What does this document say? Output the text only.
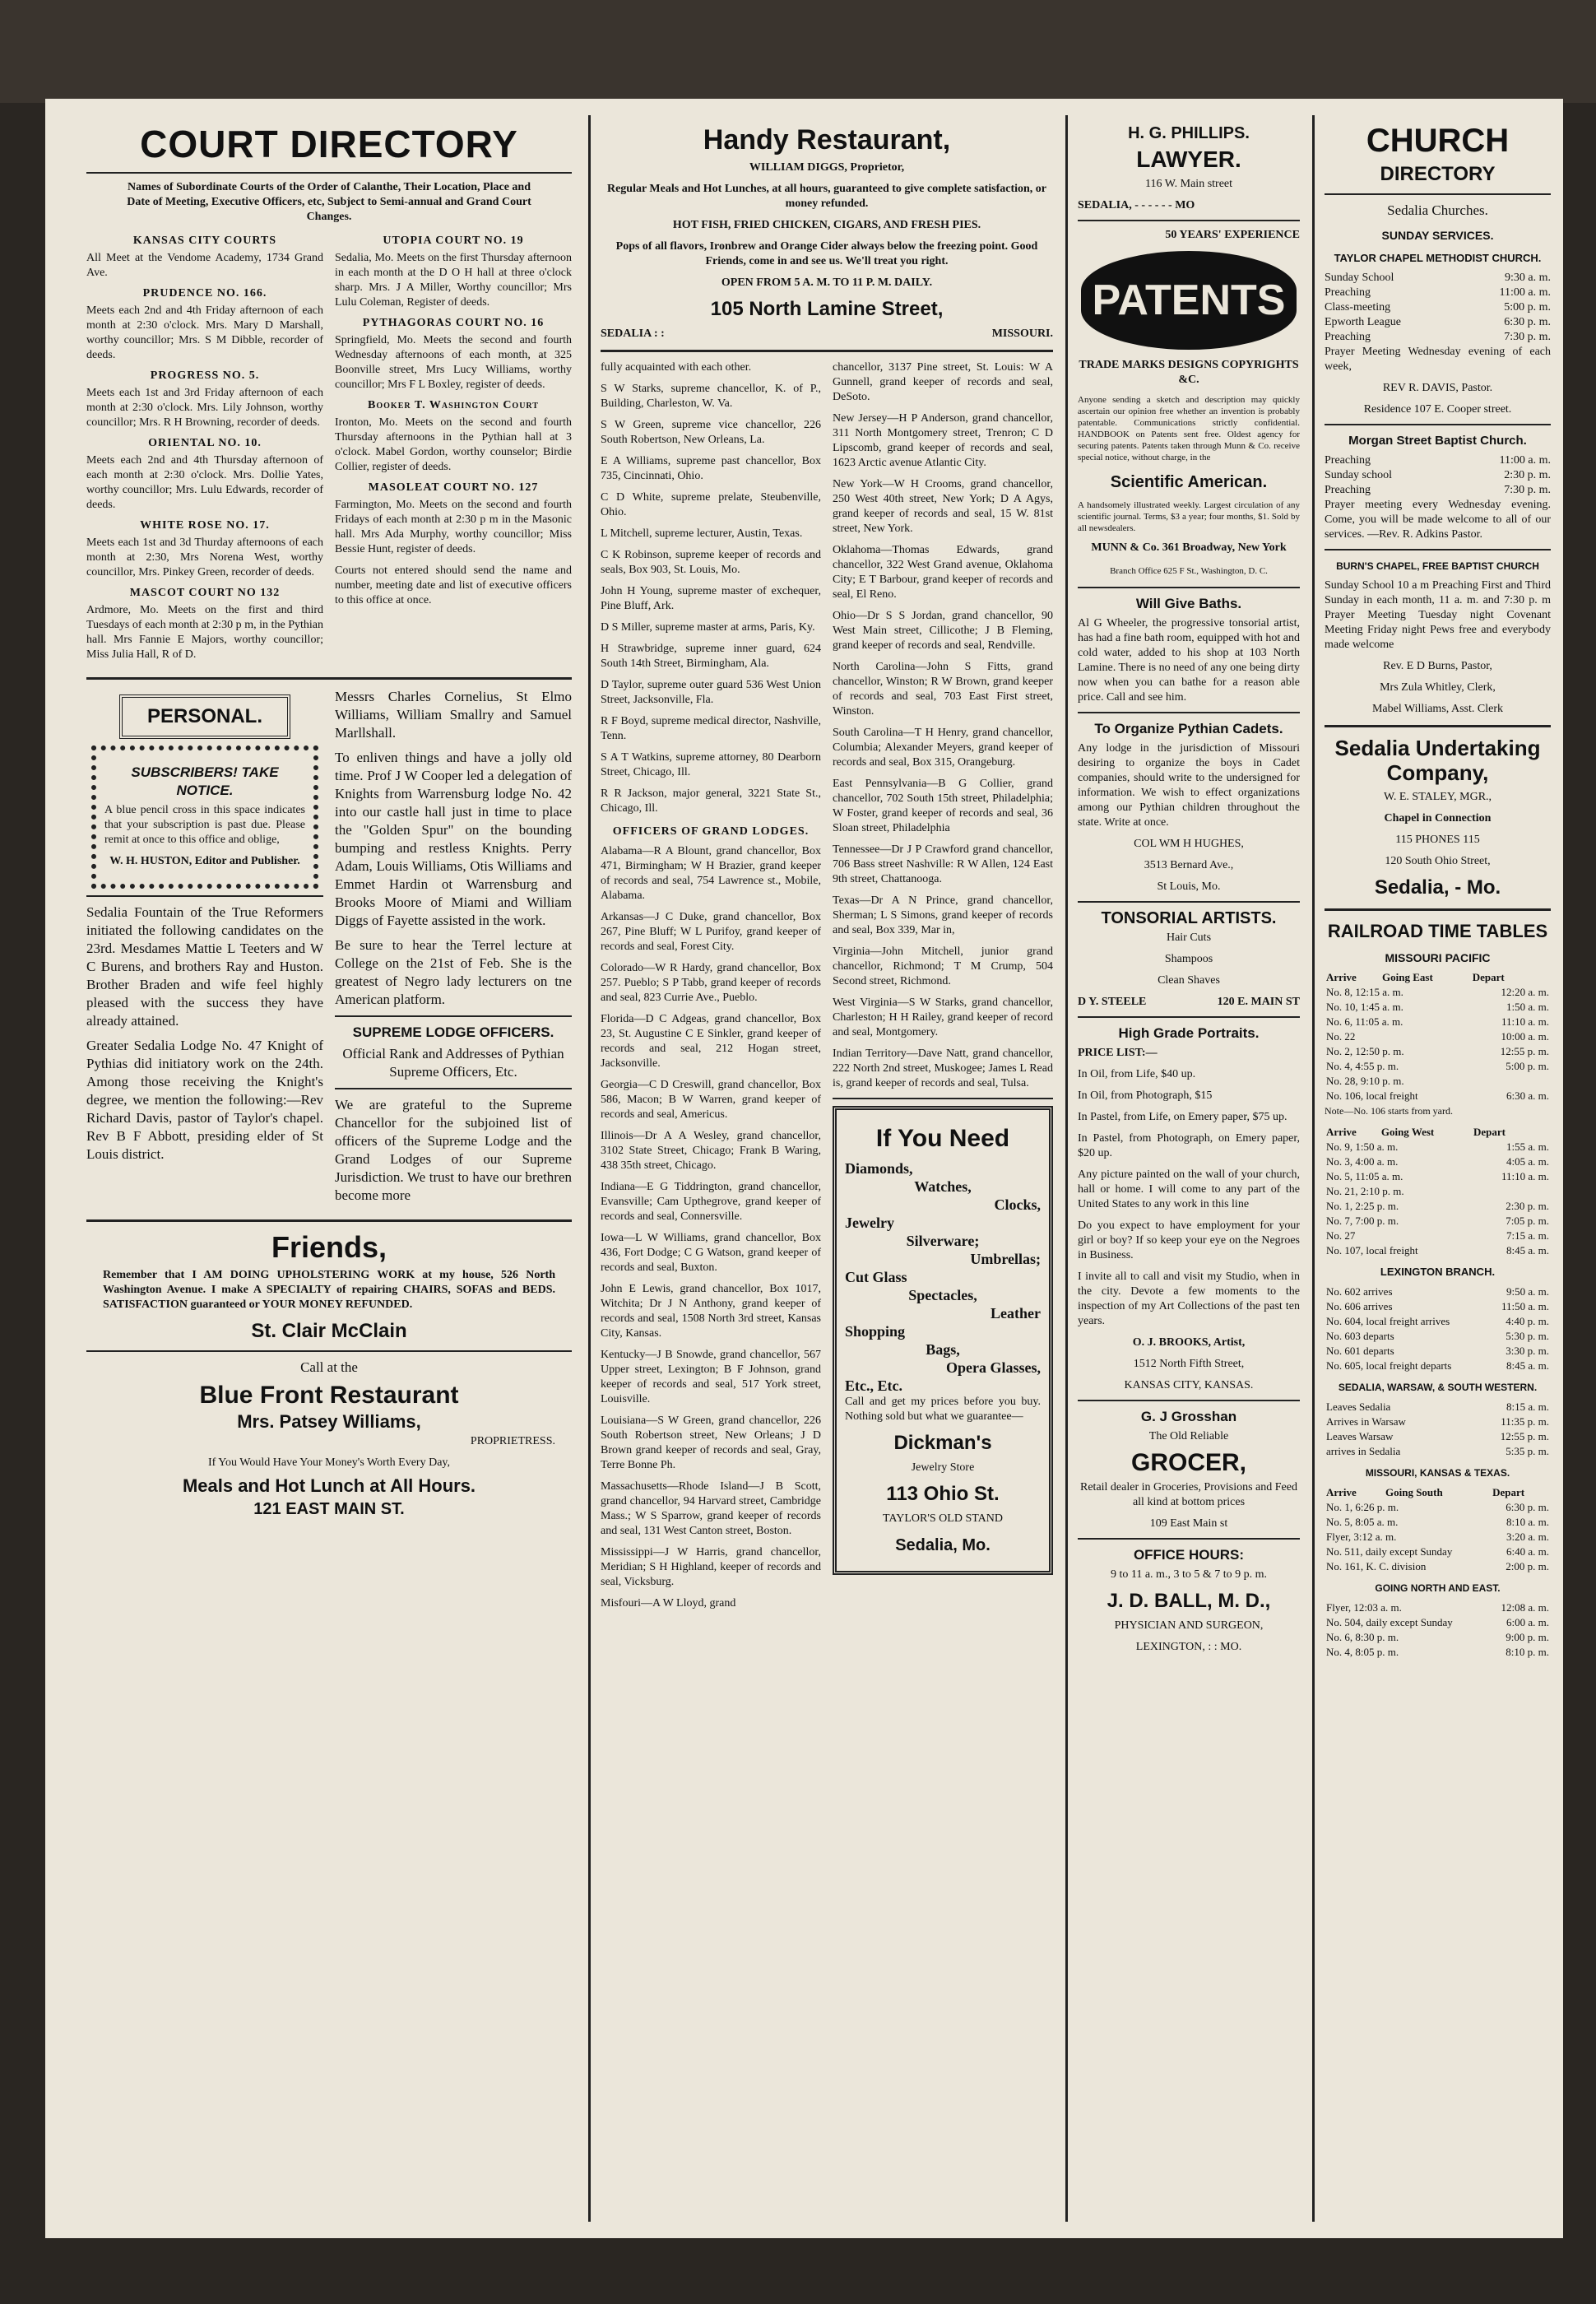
COURT DIRECTORY

Names of Subordinate Courts of the Order of Calanthe, Their Location, Place and Date of Meeting, Executive Officers, etc, Subject to Semi-annual and Grand Court Changes.

KANSAS CITY COURTS

All Meet at the Vendome Academy, 1734 Grand Ave.

PRUDENCE NO. 166.

Meets each 2nd and 4th Friday afternoon of each month at 2:30 o'clock. Mrs. Mary D Marshall, worthy councillor; Mrs. S M Dibble, recorder of deeds.

PROGRESS NO. 5.

Meets each 1st and 3rd Friday afternoon of each month at 2:30 o'clock. Mrs. Lily Johnson, worthy councillor; Mrs. R H Browning, recorder of deeds.

ORIENTAL NO. 10.

Meets each 2nd and 4th Thursday afternoon of each month at 2:30 o'clock. Mrs. Dollie Yates, worthy councillor; Mrs. Lulu Edwards, recorder of deeds.

WHITE ROSE NO. 17.

Meets each 1st and 3d Thurday afternoons of each month at 2:30, Mrs Norena West, worthy councillor, Mrs. Pinkey Green, recorder of deeds.

MASCOT COURT NO 132

Ardmore, Mo. Meets on the first and third Tuesdays of each month at 2:30 p m, in the Pythian hall. Mrs Fannie E Majors, worthy councillor; Miss Julia Hall, R of D.

UTOPIA COURT NO. 19

Sedalia, Mo. Meets on the first Thursday afternoon in each month at the D O H hall at three o'clock sharp. Mrs. J A Miller, Worthy councillor; Mrs Lulu Coleman, Register of deeds.

PYTHAGORAS COURT NO. 16

Springfield, Mo. Meets the second and fourth Wednesday afternoons of each month, at 325 Boonville street, Mrs Lucy Williams, worthy councillor; Mrs F L Boxley, register of deeds.

Booker T. Washington Court

Ironton, Mo. Meets on the second and fourth Thursday afternoons in the Pythian hall at 3 o'clock. Mabel Gordon, worthy counselor; Birdie Collier, register of deeds.

MASOLEAT COURT NO. 127

Farmington, Mo. Meets on the second and fourth Fridays of each month at 2:30 p m in the Masonic hall. Mrs Ada Murphy, worthy councillor; Miss Bessie Hunt, register of deeds.

Courts not entered should send the name and number, meeting date and list of executive officers to this office at once.

PERSONAL.
SUBSCRIBERS! TAKE NOTICE.

A blue pencil cross in this space indicates that your subscription is past due. Please remit at once to this office and oblige,

W. H. HUSTON, Editor and Publisher.

Sedalia Fountain of the True Reformers initiated the following candidates on the 23rd. Mesdames Mattie L Teeters and W C Burens, and brothers Ray and Huston. Brother Braden and wife feel highly pleased with the success they have already attained.

Greater Sedalia Lodge No. 47 Knight of Pythias did initiatory work on the 24th. Among those receiving the Knight's degree, we mention the following:—Rev Richard Davis, pastor of Taylor's chapel. Rev B F Abbott, presiding elder of St Louis district.

Messrs Charles Cornelius, St Elmo Williams, William Smallry and Samuel Marllshall.

To enliven things and have a jolly old time. Prof J W Cooper led a delegation of Knights from Warrensburg lodge No. 42 into our castle hall just in time to place the "Golden Spur" on the bounding bumping and restless Knights. Perry Adam, Louis Williams, Otis Williams and Emmet Hardin ot Warrensburg and Brooks Moore of Miami and William Diggs of Fayette assisted in the work.

Be sure to hear the Terrel lecture at College on the 21st of Feb. She is the greatest of Negro lady lecturers on tne American platform.

SUPREME LODGE OFFICERS.

Official Rank and Addresses of Pythian Supreme Officers, Etc.

We are grateful to the Supreme Chancellor for the subjoined list of officers of the Supreme Lodge and the Grand Lodges of our Supreme Jurisdiction. We trust to have our brethren become more

Friends,

Remember that I AM DOING UPHOLSTERING WORK at my house, 526 North Washington Avenue. I make A SPECIALTY of repairing CHAIRS, SOFAS and BEDS. SATISFACTION guaranteed or YOUR MONEY REFUNDED.

St. Clair McClain

Call at the

Blue Front Restaurant
Mrs. Patsey Williams,

PROPRIETRESS.

If You Would Have Your Money's Worth Every Day,

Meals and Hot Lunch at All Hours.
121 EAST MAIN ST.
Handy Restaurant,

WILLIAM DIGGS, Proprietor,

Regular Meals and Hot Lunches, at all hours, guaranteed to give complete satisfaction, or money refunded.

HOT FISH, FRIED CHICKEN, CIGARS, AND FRESH PIES.

Pops of all flavors, Ironbrew and Orange Cider always below the freezing point. Good Friends, come in and see us. We'll treat you right.

OPEN FROM 5 A. M. TO 11 P. M. DAILY.

105 North Lamine Street,

SEDALIA : :	MISSOURI.

fully acquainted with each other.

S W Starks, supreme chancellor, K. of P., Building, Charleston, W. Va.

S W Green, supreme vice chancellor, 226 South Robertson, New Orleans, La.

E A Williams, supreme past chancellor, Box 735, Cincinnati, Ohio.

C D White, supreme prelate, Steubenville, Ohio.

L Mitchell, supreme lecturer, Austin, Texas.

C K Robinson, supreme keeper of records and seals, Box 903, St. Louis, Mo.

John H Young, supreme master of exchequer, Pine Bluff, Ark.

D S Miller, supreme master at arms, Paris, Ky.

H Strawbridge, supreme inner guard, 624 South 14th Street, Birmingham, Ala.

D Taylor, supreme outer guard 536 West Union Street, Jacksonville, Fla.

R F Boyd, supreme medical director, Nashville, Tenn.

S A T Watkins, supreme attorney, 80 Dearborn Street, Chicago, Ill.

R R Jackson, major general, 3221 State St., Chicago, Ill.

OFFICERS OF GRAND LODGES.

Alabama—R A Blount, grand chancellor, Box 471, Birmingham; W H Brazier, grand keeper of records and seal, 754 Lawrence st., Mobile, Alabama.

Arkansas—J C Duke, grand chancellor, Box 267, Pine Bluff; W L Purifoy, grand keeper of records and seal, Forest City.

Colorado—W R Hardy, grand chancellor, Box 257. Pueblo; S P Tabb, grand keeper of records and seal, 823 Currie Ave., Pueblo.

Florida—D C Adgeas, grand chancellor, Box 23, St. Augustine C E Sinkler, grand keeper of records and seal, 212 Hogan street, Jacksonville.

Georgia—C D Creswill, grand chancellor, Box 586, Macon; B W Warren, grand keeper of records and seal, Americus.

Illinois—Dr A A Wesley, grand chancellor, 3102 State Street, Chicago; Frank B Waring, 438 35th street, Chicago.

Indiana—E G Tiddrington, grand chancellor, Evansville; Cam Upthegrove, grand keeper of records and seal, Connersville.

Iowa—L W Williams, grand chancellor, Box 436, Fort Dodge; C G Watson, grand keeper of records and seal, Buxton.

John E Lewis, grand chancellor, Box 1017, Witchita; Dr J N Anthony, grand keeper of records and seal, 1508 North 3rd street, Kansas City, Kansas.

Kentucky—J B Snowde, grand chancellor, 567 Upper street, Lexington; B F Johnson, grand keeper of records and seal, 517 York street, Louisville.

Louisiana—S W Green, grand chancellor, 226 South Robertson street, New Orleans; J D Brown grand keeper of records and seal, Gray, Terre Bonne Ph.

Massachusetts—Rhode Island—J B Scott, grand chancellor, 94 Harvard street, Cambridge Mass.; W S Sparrow, grand keeper of records and seal, 131 West Canton street, Boston.

Mississippi—J W Harris, grand chancellor, Meridian; S H Highland, keeper of records and seal, Vicksburg.

Misfouri—A W Lloyd, grand

chancellor, 3137 Pine street, St. Louis: W A Gunnell, grand keeper of records and seal, DeSoto.

New Jersey—H P Anderson, grand chancellor, 311 North Montgomery street, Trenron; C D Lipscomb, grand keeper of records and seal, 1623 Arctic avenue Atlantic City.

New York—W H Crooms, grand chancellor, 250 West 40th street, New York; D A Agys, grand keeper of records and seal, 15 W. 81st street, New York.

Oklahoma—Thomas Edwards, grand chancellor, 322 West Grand avenue, Oklahoma City; E T Barbour, grand keeper of records and seal, El Reno.

Ohio—Dr S S Jordan, grand chancellor, 90 West Main street, Cillicothe; J B Fleming, grand keeper of records and seal, Rendville.

North Carolina—John S Fitts, grand chancellor, Winston; R W Brown, grand keeper of records and seal, 703 East First street, Winston.

South Carolina—T H Henry, grand chancellor, Columbia; Alexander Meyers, grand keeper of records and seal, Box 315, Orangeburg.

East Pennsylvania—B G Collier, grand chancellor, 702 South 15th street, Philadelphia; W Foster, grand keeper of records and seal, 36 Sloan street, Philadelphia

Tennessee—Dr J P Crawford grand chancellor, 706 Bass street Nashville: R W Allen, 124 East 9th street, Chattanooga.

Texas—Dr A N Prince, grand chancellor, Sherman; L S Simons, grand keeper of records and seal, Box 339, Mar in,

Virginia—John Mitchell, junior grand chancellor, Richmond; T M Crump, 504 Second street, Richmond.

West Virginia—S W Starks, grand chancellor, Charleston; H H Railey, grand keeper of record and seal, Montgomery.

Indian Territory—Dave Natt, grand chancellor, 222 North 2nd street, Muskogee; James L Read is, grand keeper of records and seal, Tulsa.

If You Need

Diamonds,

Watches,

Clocks,

Jewelry

Silverware;

Umbrellas;

Cut Glass

Spectacles,

Leather

Shopping

Bags,

Opera Glasses,

Etc., Etc.

Call and get my prices before you buy. Nothing sold but what we guarantee—

Dickman's

Jewelry Store

113 Ohio St.

TAYLOR'S OLD STAND

Sedalia, Mo.
H. G. PHILLIPS.
LAWYER.

116 W. Main street

SEDALIA, - - - - - - MO

50 YEARS' EXPERIENCE

PATENTS

TRADE MARKS DESIGNS COPYRIGHTS &C.

Anyone sending a sketch and description may quickly ascertain our opinion free whether an invention is probably patentable. Communications strictly confidential. HANDBOOK on Patents sent free. Oldest agency for securing patents. Patents taken through Munn & Co. receive special notice, without charge, in the

Scientific American.

A handsomely illustrated weekly. Largest circulation of any scientific journal. Terms, $3 a year; four months, $1. Sold by all newsdealers.

MUNN & Co. 361 Broadway, New York

Branch Office 625 F St., Washington, D. C.

Will Give Baths.

Al G Wheeler, the progressive tonsorial artist, has had a fine bath room, equipped with hot and cold water, added to his shop at 103 North Lamine. There is no need of any one being dirty now when you can bathe for a reason able price. Call and see him.

To Organize Pythian Cadets.

Any lodge in the jurisdiction of Missouri desiring to organize the boys in Cadet companies, should write to the undersigned for information. We wish to effect organizations among our Pythian children throughout the state. Write at once.

COL WM H HUGHES,

3513 Bernard Ave.,

St Louis, Mo.

TONSORIAL ARTISTS.

Hair Cuts

Shampoos

Clean Shaves

D Y. STEELE	120 E. MAIN ST

High Grade Portraits.

PRICE LIST:—

In Oil, from Life, $40 up.

In Oil, from Photograph, $15

In Pastel, from Life, on Emery paper, $75 up.

In Pastel, from Photograph, on Emery paper, $20 up.

Any picture painted on the wall of your church, hall or home. I will come to any part of the United States to any work in this line

Do you expect to have employment for your girl or boy? If so keep your eye on the Negroes in Business.

I invite all to call and visit my Studio, when in the city. Devote a few moments to the inspection of my Art Collections of the past ten years.

O. J. BROOKS, Artist,

1512 North Fifth Street,

KANSAS CITY, KANSAS.

G. J Grosshan

The Old Reliable

GROCER,

Retail dealer in Groceries, Provisions and Feed all kind at bottom prices

109 East Main st

OFFICE HOURS:

9 to 11 a. m., 3 to 5 & 7 to 9 p. m.

J. D. BALL, M. D.,

PHYSICIAN AND SURGEON,

LEXINGTON, : : MO.

CHURCH
DIRECTORY

Sedalia Churches.

SUNDAY SERVICES.
TAYLOR CHAPEL METHODIST CHURCH.

Sunday School	9:30 a. m.

Preaching	11:00 a. m.

Class-meeting	5:00 p. m.

Epworth League	6:30 p. m.

Preaching	7:30 p. m.

Prayer Meeting Wednesday evening of each week,

REV R. DAVIS, Pastor.

Residence 107 E. Cooper street.

Morgan Street Baptist Church.

Preaching	11:00 a. m.

Sunday school	2:30 p. m.

Preaching	7:30 p. m.

Prayer meeting every Wednesday evening. Come, you will be made welcome to all of our services. —Rev. R. Adkins Pastor.

BURN'S CHAPEL, FREE BAPTIST CHURCH

Sunday School 10 a m Preaching First and Third Sunday in each month, 11 a. m. and 7:30 p. m Prayer Meeting Tuesday night Covenant Meeting Friday night Pews free and everybody made welcome

Rev. E D Burns, Pastor,

Mrs Zula Whitley, Clerk,

Mabel Williams, Asst. Clerk

Sedalia Undertaking Company,

W. E. STALEY, MGR.,

Chapel in Connection

115 PHONES 115

120 South Ohio Street,

Sedalia, - Mo.
RAILROAD TIME TABLES
MISSOURI PACIFIC
Arrive	Going East	Depart
No. 8, 12:15 a. m.		12:20 a. m.
No. 10, 1:45 a. m.		1:50 a. m.
No. 6, 11:05 a. m.		11:10 a. m.
No. 22		10:00 a. m.
No. 2, 12:50 p. m.		12:55 p. m.
No. 4, 4:55 p. m.		5:00 p. m.
No. 28, 9:10 p. m.		
No. 106, local freight		6:30 a. m.

Note—No. 106 starts from yard.

Arrive	Going West	Depart
No. 9, 1:50 a. m.		1:55 a. m.
No. 3, 4:00 a. m.		4:05 a. m.
No. 5, 11:05 a. m.		11:10 a. m.
No. 21, 2:10 p. m.		
No. 1, 2:25 p. m.		2:30 p. m.
No. 7, 7:00 p. m.		7:05 p. m.
No. 27		7:15 a. m.
No. 107, local freight		8:45 a. m.
LEXINGTON BRANCH.
No. 602 arrives	9:50 a. m.
No. 606 arrives	11:50 a. m.
No. 604, local freight arrives	4:40 p. m.
No. 603 departs	5:30 p. m.
No. 601 departs	3:30 p. m.
No. 605, local freight departs	8:45 a. m.
SEDALIA, WARSAW, & SOUTH WESTERN.
Leaves Sedalia	8:15 a. m.
Arrives in Warsaw	11:35 p. m.
Leaves Warsaw	12:55 p. m.
arrives in Sedalia	5:35 p. m.
MISSOURI, KANSAS & TEXAS.
Arrive	Going South	Depart
No. 1, 6:26 p. m.		6:30 p. m.
No. 5, 8:05 a. m.		8:10 a. m.
Flyer, 3:12 a. m.		3:20 a. m.
No. 511, daily except Sunday		6:40 a. m.
No. 161, K. C. division		2:00 p. m.
GOING NORTH AND EAST.
Flyer, 12:03 a. m.	12:08 a. m.
No. 504, daily except Sunday	6:00 a. m.
No. 6, 8:30 p. m.	9:00 p. m.
No. 4, 8:05 p. m.	8:10 p. m.
